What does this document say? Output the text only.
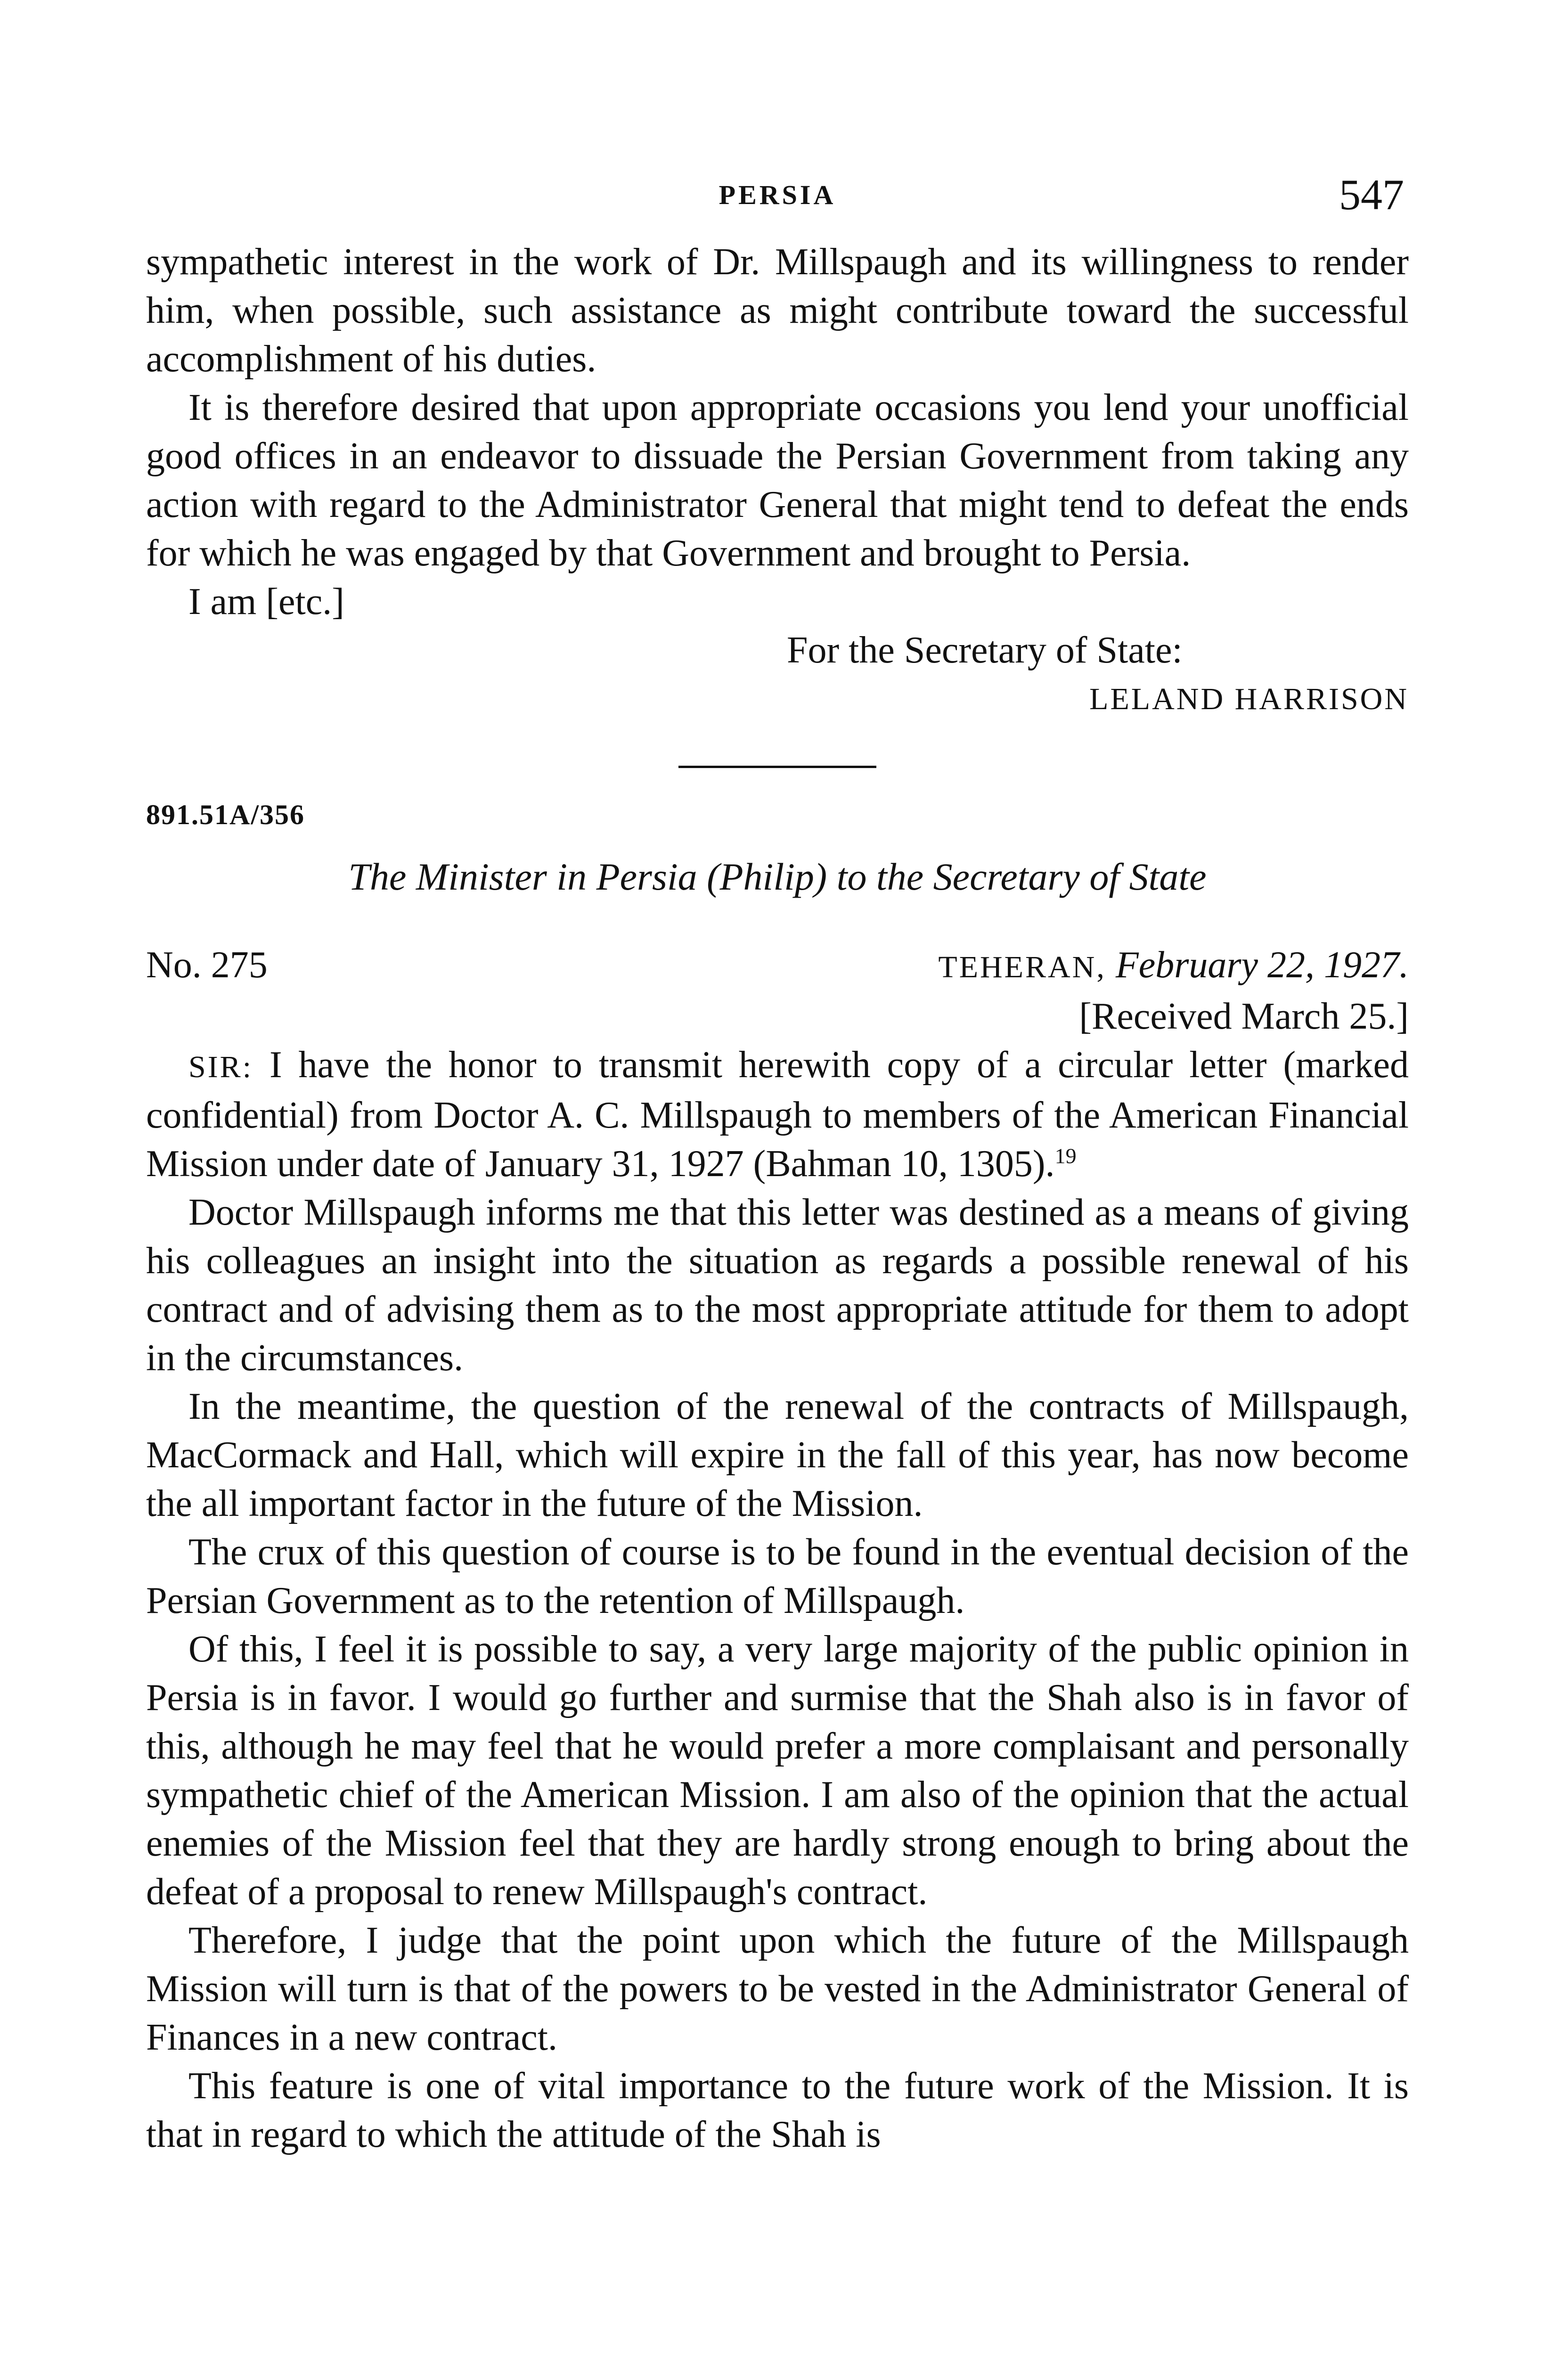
PERSIA	547

sympathetic interest in the work of Dr. Millspaugh and its willingness to render him, when possible, such assistance as might contribute toward the successful accomplishment of his duties.

It is therefore desired that upon appropriate occasions you lend your unofficial good offices in an endeavor to dissuade the Persian Government from taking any action with regard to the Administrator General that might tend to defeat the ends for which he was engaged by that Government and brought to Persia.

I am [etc.]

For the Secretary of State:
LELAND HARRISON
891.51A/356
The Minister in Persia (Philip) to the Secretary of State
No. 275	TEHERAN, February 22, 1927.
[Received March 25.]

SIR: I have the honor to transmit herewith copy of a circular letter (marked confidential) from Doctor A. C. Millspaugh to members of the American Financial Mission under date of January 31, 1927 (Bahman 10, 1305).$^{19}$

Doctor Millspaugh informs me that this letter was destined as a means of giving his colleagues an insight into the situation as regards a possible renewal of his contract and of advising them as to the most appropriate attitude for them to adopt in the circumstances.

In the meantime, the question of the renewal of the contracts of Millspaugh, MacCormack and Hall, which will expire in the fall of this year, has now become the all important factor in the future of the Mission.

The crux of this question of course is to be found in the eventual decision of the Persian Government as to the retention of Millspaugh.

Of this, I feel it is possible to say, a very large majority of the public opinion in Persia is in favor. I would go further and surmise that the Shah also is in favor of this, although he may feel that he would prefer a more complaisant and personally sympathetic chief of the American Mission. I am also of the opinion that the actual enemies of the Mission feel that they are hardly strong enough to bring about the defeat of a proposal to renew Millspaugh's contract.

Therefore, I judge that the point upon which the future of the Millspaugh Mission will turn is that of the powers to be vested in the Administrator General of Finances in a new contract.

This feature is one of vital importance to the future work of the Mission. It is that in regard to which the attitude of the Shah is
